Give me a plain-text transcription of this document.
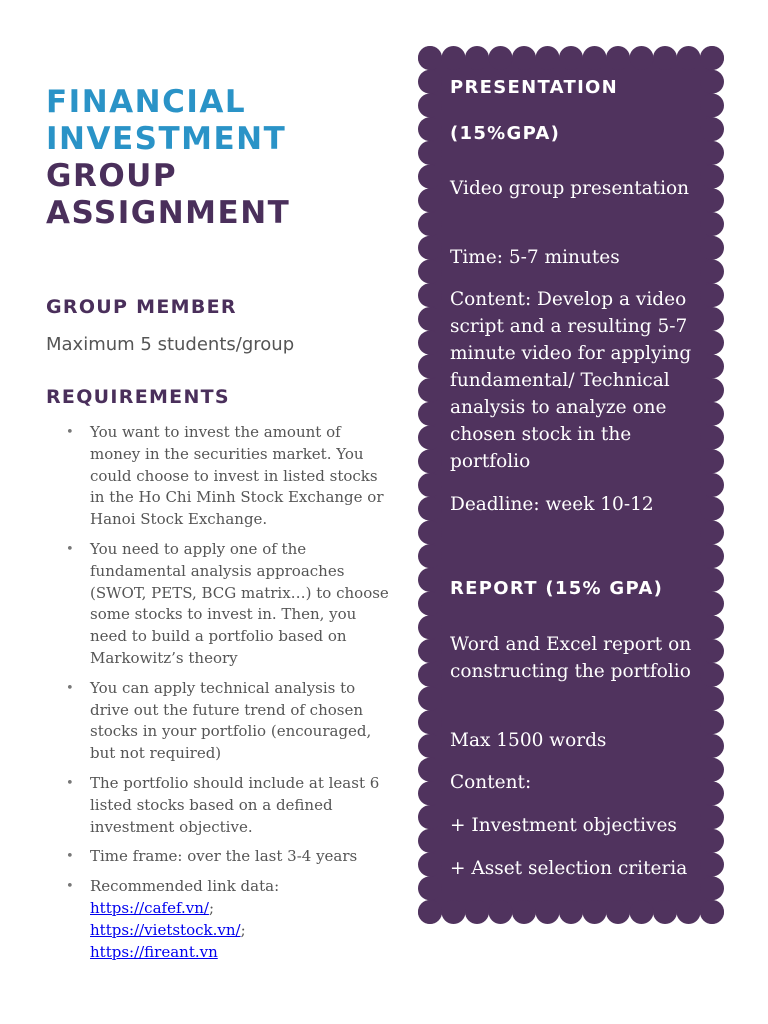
FINANCIAL
INVESTMENT
GROUP
ASSIGNMENT
GROUP MEMBER

Maximum 5 students/group

REQUIREMENTS
• You want to invest the amount of money in the securities market. You could choose to invest in listed stocks in the Ho Chi Minh Stock Exchange or Hanoi Stock Exchange.
• You need to apply one of the fundamental analysis approaches (SWOT, PETS, BCG matrix…) to choose some stocks to invest in. Then, you need to build a portfolio based on Markowitz’s theory
• You can apply technical analysis to drive out the future trend of chosen stocks in your portfolio (encouraged, but not required)
• The portfolio should include at least 6 listed stocks based on a defined investment objective.
• Time frame: over the last 3-4 years
• Recommended link data:
https://cafef.vn/;
https://vietstock.vn/;
https://fireant.vn
PRESENTATION
(15%GPA)

Video group presentation

Time: 5-7 minutes

Content: Develop a video script and a resulting 5-7 minute video for applying fundamental/ Technical analysis to analyze one chosen stock in the portfolio

Deadline: week 10-12

REPORT (15% GPA)

Word and Excel report on constructing the portfolio

Max 1500 words

Content:

+ Investment objectives

+ Asset selection criteria
